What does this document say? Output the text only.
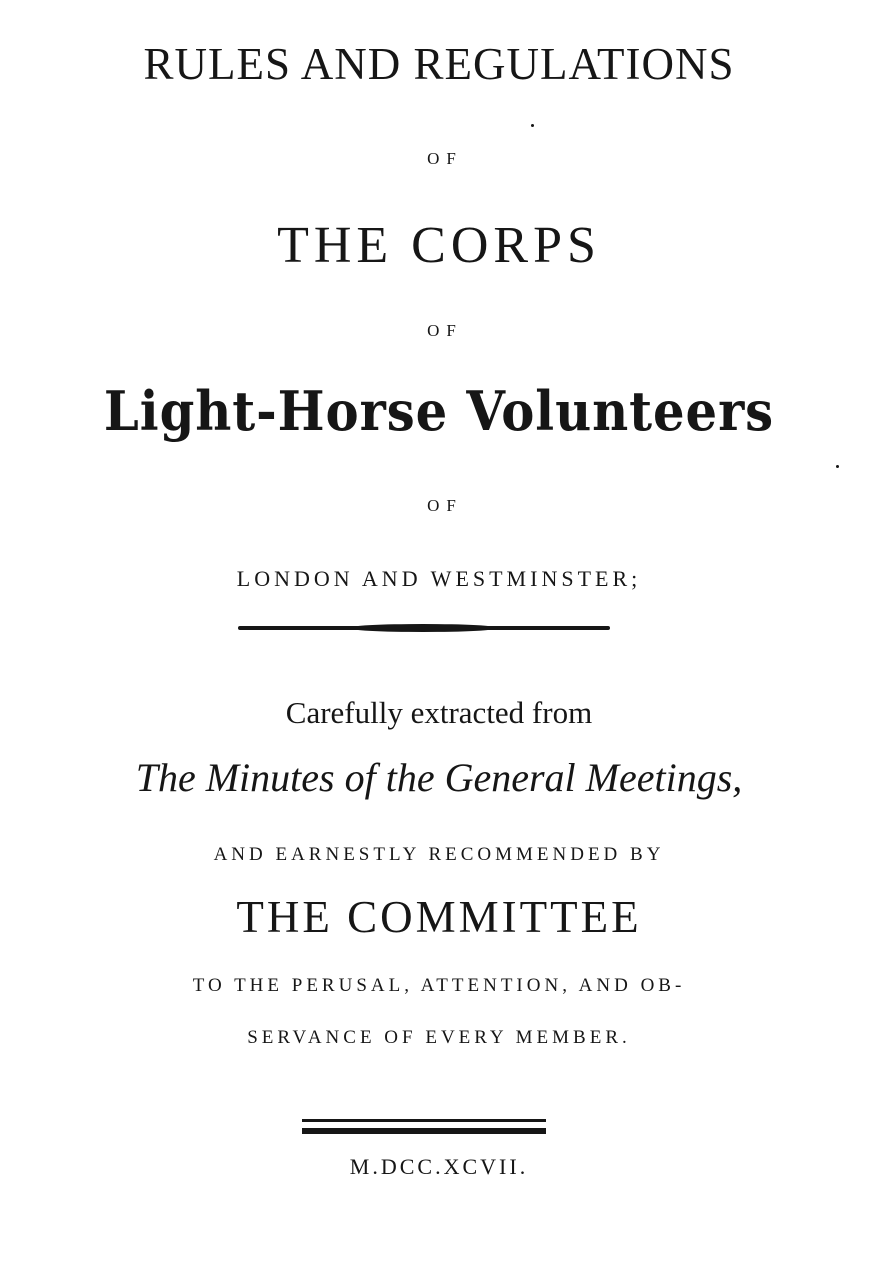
RULES AND REGULATIONS
OF
THE CORPS
OF
Light-Horse Volunteers
OF
LONDON AND WESTMINSTER;
Carefully extracted from
The Minutes of the General Meetings,
AND EARNESTLY RECOMMENDED BY
THE COMMITTEE
TO THE PERUSAL, ATTENTION, AND OB-
SERVANCE OF EVERY MEMBER.
M.DCC.XCVII.
